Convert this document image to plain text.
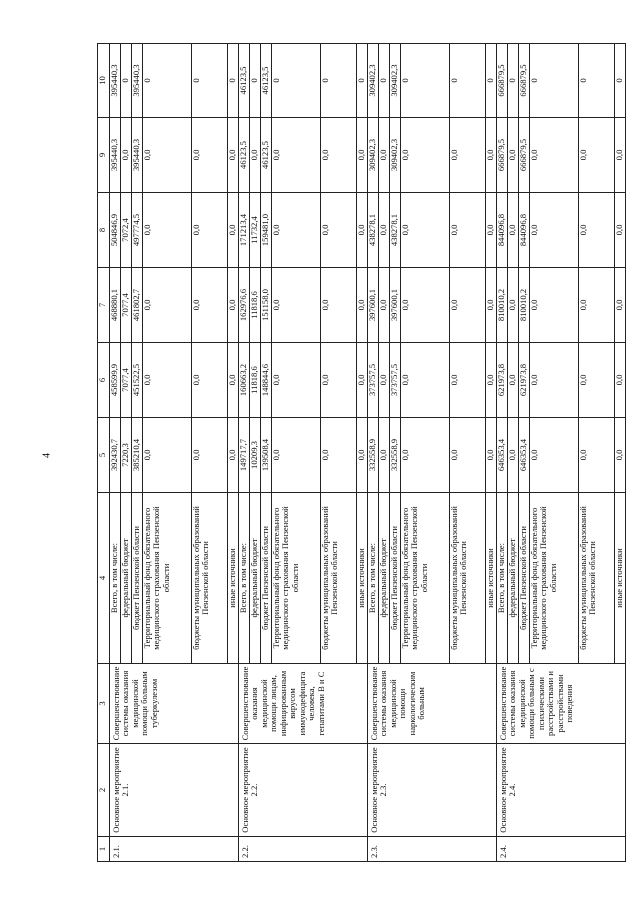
4
1	2	3	4	5	6	7	8	9	10
2.1.	Основное мероприятие 2.1.	Совершенствование системы оказания медицинской помощи больным туберкулезом	Всего, в том числе:	392430,7	458599,9	468880,1	504846,9	395440,3	395440,3
			федеральный бюджет	7220,3	7077,4	7077,4	7072,4	0,0	0
			бюджет Пензенской области	385210,4	451522,5	461802,7	497774,5	395440,3	395440,3
			Территориальный фонд обязательного медицинского страхования Пензенской области	0,0	0,0	0,0	0,0	0,0	0
			бюджеты муниципальных образований Пензенской области	0,0	0,0	0,0	0,0	0,0	0
			иные источники	0,0	0,0	0,0	0,0	0,0	0
2.2.	Основное мероприятие 2.2.	Совершенствование оказания медицинской помощи лицам, инфицированным вирусом иммунодефицита человека, гепатитами В и С	Всего, в том числе:	149717,7	160663,2	162976,6	171213,4	46123,5	46123,5
			федеральный бюджет	10209,3	11818,6	11818,6	11732,4	0,0	0
			бюджет Пензенской области	139508,4	148844,6	151158,0	159481,0	46123,5	46123,5
			Территориальный фонд обязательного медицинского страхования Пензенской области	0,0	0,0	0,0	0,0	0,0	0
			бюджеты муниципальных образований Пензенской области	0,0	0,0	0,0	0,0	0,0	0
			иные источники	0,0	0,0	0,0	0,0	0,0	0
2.3.	Основное мероприятие 2.3.	Совершенствование системы оказания медицинской помощи наркологическим больным	Всего, в том числе:	332558,9	373757,5	397600,1	438278,1	309402,3	309402,3
			федеральный бюджет	0,0	0,0	0,0	0,0	0,0	0
			бюджет Пензенской области	332558,9	373757,5	397600,1	438278,1	309402,3	309402,3
			Территориальный фонд обязательного медицинского страхования Пензенской области	0,0	0,0	0,0	0,0	0,0	0
			бюджеты муниципальных образований Пензенской области	0,0	0,0	0,0	0,0	0,0	0
			иные источники	0,0	0,0	0,0	0,0	0,0	0
2.4.	Основное мероприятие 2.4.	Совершенствование системы оказания медицинской помощи больным с психическими расстройствами и расстройствами поведения	Всего, в том числе:	646353,4	621973,8	810010,2	844096,8	666879,5	666879,5
			федеральный бюджет	0,0	0,0	0,0	0,0	0,0	0
			бюджет Пензенской области	646353,4	621973,8	810010,2	844096,8	666879,5	666879,5
			Территориальный фонд обязательного медицинского страхования Пензенской области	0,0	0,0	0,0	0,0	0,0	0
			бюджеты муниципальных образований Пензенской области	0,0	0,0	0,0	0,0	0,0	0
			иные источники	0,0	0,0	0,0	0,0	0,0	0
